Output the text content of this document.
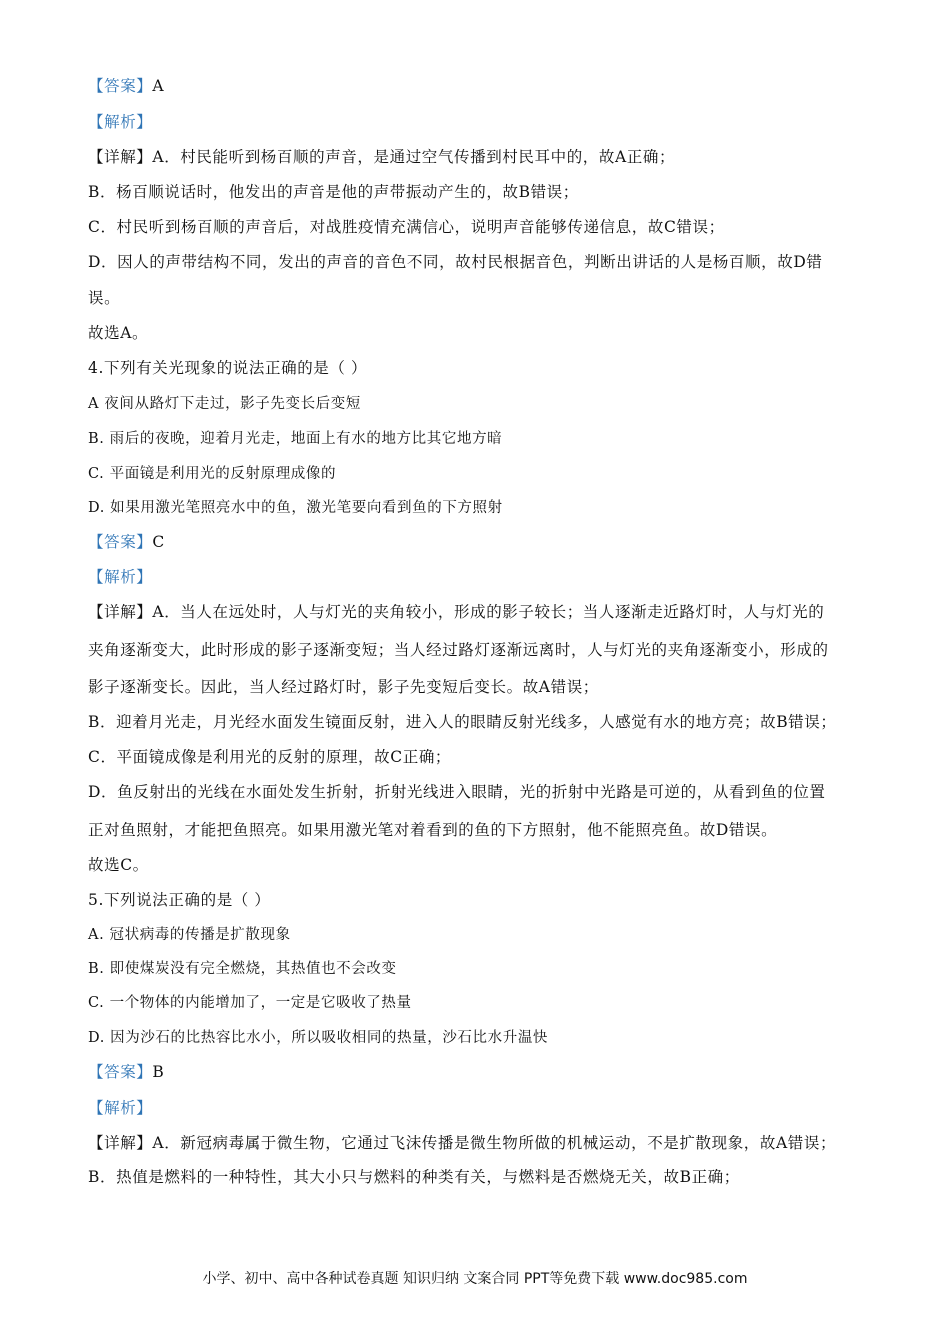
【答案】A
【解析】
【详解】A．村民能听到杨百顺的声音，是通过空气传播到村民耳中的，故A正确；
B．杨百顺说话时，他发出的声音是他的声带振动产生的，故B错误；
C．村民听到杨百顺的声音后，对战胜疫情充满信心，说明声音能够传递信息，故C错误；
D．因人的声带结构不同，发出的声音的音色不同，故村民根据音色，判断出讲话的人是杨百顺，故D错
误。
故选A。
4.下列有关光现象的说法正确的是（ ）
A 夜间从路灯下走过，影子先变长后变短
B. 雨后的夜晚，迎着月光走，地面上有水的地方比其它地方暗
C. 平面镜是利用光的反射原理成像的
D. 如果用激光笔照亮水中的鱼，激光笔要向看到鱼的下方照射
【答案】C
【解析】
【详解】A．当人在远处时，人与灯光的夹角较小，形成的影子较长；当人逐渐走近路灯时，人与灯光的
夹角逐渐变大，此时形成的影子逐渐变短；当人经过路灯逐渐远离时，人与灯光的夹角逐渐变小，形成的
影子逐渐变长。因此，当人经过路灯时，影子先变短后变长。故A错误；
B．迎着月光走，月光经水面发生镜面反射，进入人的眼睛反射光线多，人感觉有水的地方亮；故B错误；
C．平面镜成像是利用光的反射的原理，故C正确；
D．鱼反射出的光线在水面处发生折射，折射光线进入眼睛，光的折射中光路是可逆的，从看到鱼的位置
正对鱼照射，才能把鱼照亮。如果用激光笔对着看到的鱼的下方照射，他不能照亮鱼。故D错误。
故选C。
5.下列说法正确的是（ ）
A. 冠状病毒的传播是扩散现象
B. 即使煤炭没有完全燃烧，其热值也不会改变
C. 一个物体的内能增加了，一定是它吸收了热量
D. 因为沙石的比热容比水小，所以吸收相同的热量，沙石比水升温快
【答案】B
【解析】
【详解】A．新冠病毒属于微生物，它通过飞沫传播是微生物所做的机械运动，不是扩散现象，故A错误；
B．热值是燃料的一种特性，其大小只与燃料的种类有关，与燃料是否燃烧无关，故B正确；
小学、初中、高中各种试卷真题 知识归纳 文案合同 PPT等免费下载 www.doc985.com
